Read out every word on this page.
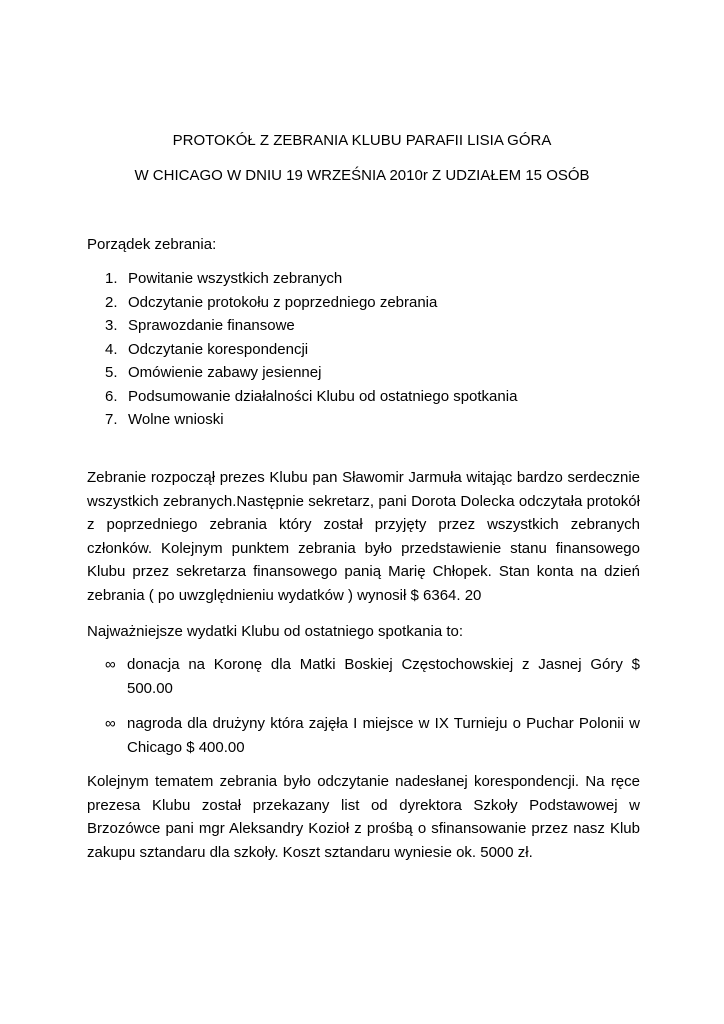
PROTOKÓŁ Z ZEBRANIA KLUBU PARAFII LISIA GÓRA
W CHICAGO W DNIU 19 WRZEŚNIA 2010r Z UDZIAŁEM 15 OSÓB
Porządek zebrania:
1. Powitanie wszystkich zebranych
2. Odczytanie protokołu z poprzedniego zebrania
3. Sprawozdanie finansowe
4. Odczytanie korespondencji
5. Omówienie zabawy jesiennej
6. Podsumowanie działalności Klubu od ostatniego spotkania
7. Wolne wnioski

Zebranie rozpoczął prezes Klubu pan Sławomir Jarmuła witając bardzo serdecznie wszystkich zebranych.Następnie sekretarz, pani Dorota Dolecka odczytała protokół z poprzedniego zebrania który został przyjęty przez wszystkich zebranych członków. Kolejnym punktem zebrania było przedstawienie stanu finansowego Klubu przez sekretarza finansowego panią Marię Chłopek. Stan konta na dzień zebrania ( po uwzględnieniu wydatków ) wynosił $ 6364. 20

Najważniejsze wydatki Klubu od ostatniego spotkania to:

∞ donacja na Koronę dla Matki Boskiej Częstochowskiej z Jasnej Góry $ 500.00
∞ nagroda dla drużyny która zajęła I miejsce w IX Turnieju o Puchar Polonii w Chicago $ 400.00

Kolejnym tematem zebrania było odczytanie nadesłanej korespondencji. Na ręce prezesa Klubu został przekazany list od dyrektora Szkoły Podstawowej w Brzozówce pani mgr Aleksandry Kozioł z prośbą o sfinansowanie przez nasz Klub zakupu sztandaru dla szkoły. Koszt sztandaru wyniesie ok. 5000 zł.
